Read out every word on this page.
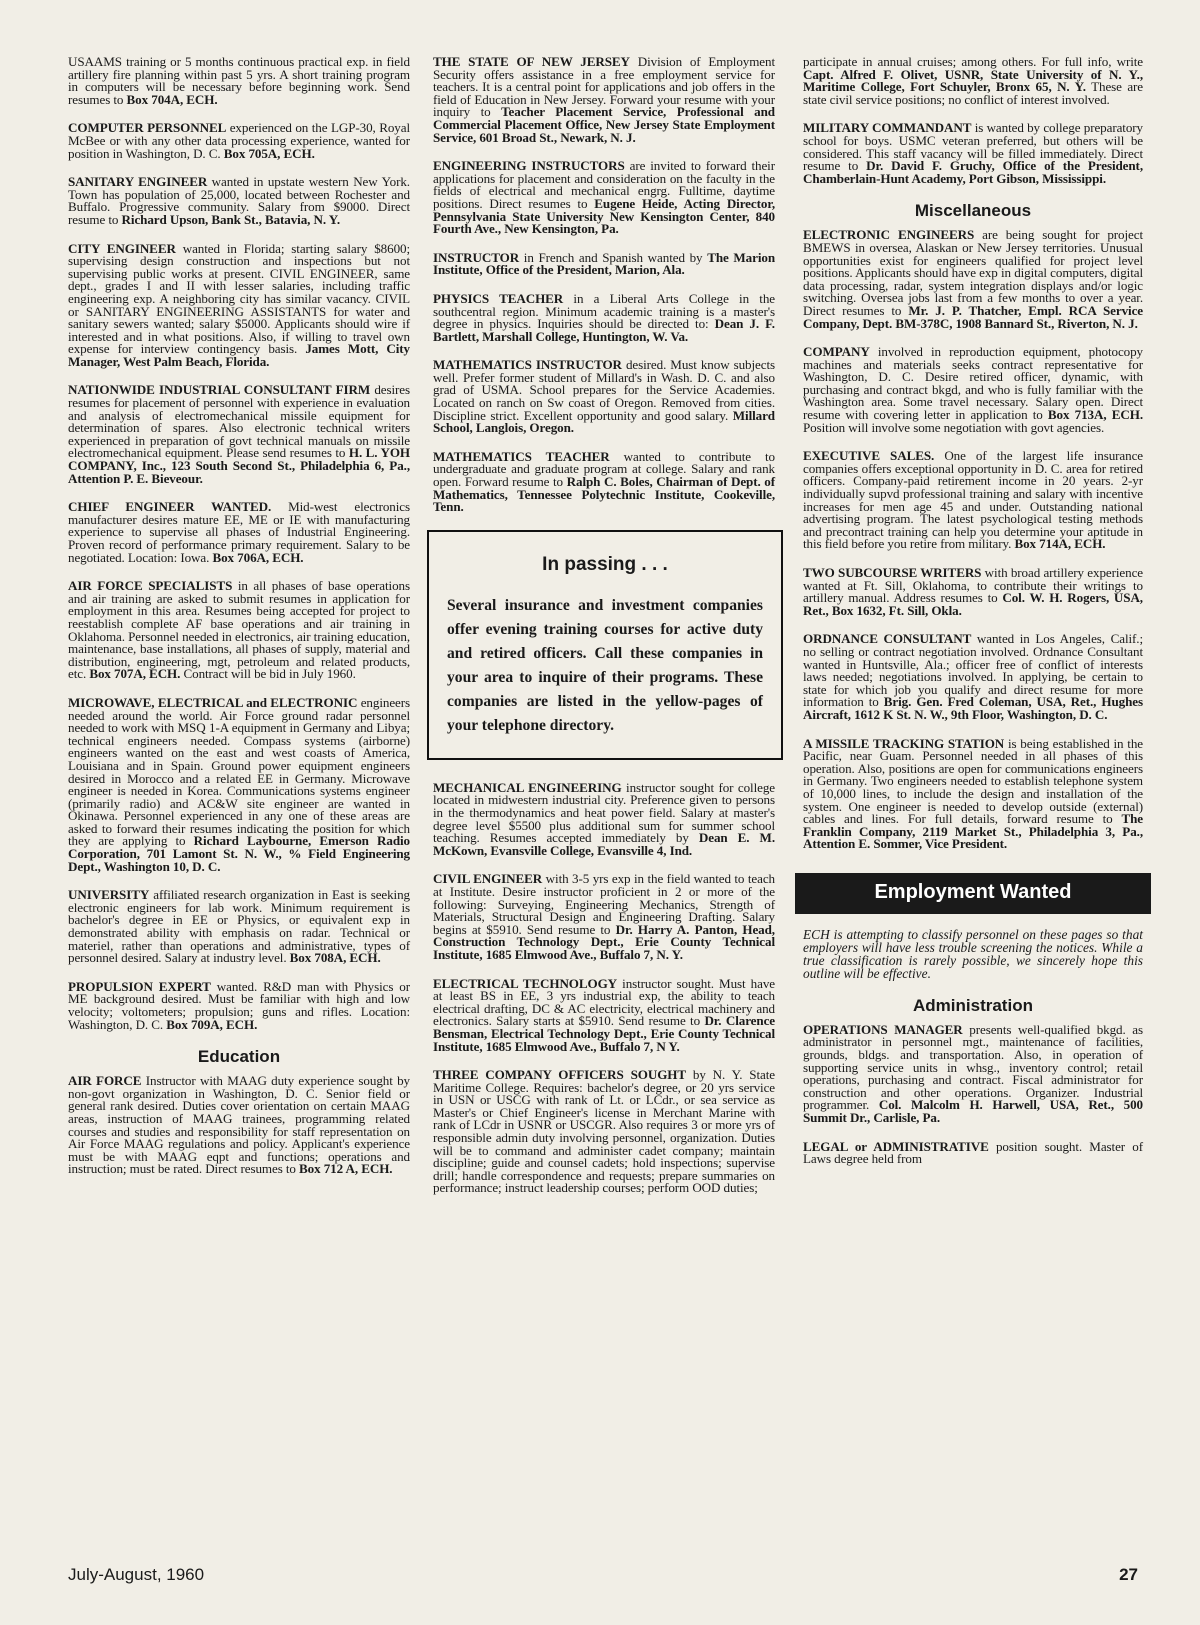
USAAMS training or 5 months continuous practical exp. in field artillery fire planning within past 5 yrs. A short training program in computers will be necessary before beginning work. Send resumes to Box 704A, ECH.

COMPUTER PERSONNEL experienced on the LGP-30, Royal McBee or with any other data processing experience, wanted for position in Washington, D. C. Box 705A, ECH.

SANITARY ENGINEER wanted in upstate western New York. Town has population of 25,000, located between Rochester and Buffalo. Progressive community. Salary from $9000. Direct resume to Richard Upson, Bank St., Batavia, N. Y.

CITY ENGINEER wanted in Florida; starting salary $8600; supervising design construction and inspections but not supervising public works at present. CIVIL ENGINEER, same dept., grades I and II with lesser salaries, including traffic engineering exp. A neighboring city has similar vacancy. CIVIL or SANITARY ENGINEERING ASSISTANTS for water and sanitary sewers wanted; salary $5000. Applicants should wire if interested and in what positions. Also, if willing to travel own expense for interview contingency basis. James Mott, City Manager, West Palm Beach, Florida.

NATIONWIDE INDUSTRIAL CONSULTANT FIRM desires resumes for placement of personnel with experience in evaluation and analysis of electromechanical missile equipment for determination of spares. Also electronic technical writers experienced in preparation of govt technical manuals on missile electromechanical equipment. Please send resumes to H. L. YOH COMPANY, Inc., 123 South Second St., Philadelphia 6, Pa., Attention P. E. Bieveour.

CHIEF ENGINEER WANTED. Mid-west electronics manufacturer desires mature EE, ME or IE with manufacturing experience to supervise all phases of Industrial Engineering. Proven record of performance primary requirement. Salary to be negotiated. Location: Iowa. Box 706A, ECH.

AIR FORCE SPECIALISTS in all phases of base operations and air training are asked to submit resumes in application for employment in this area. Resumes being accepted for project to reestablish complete AF base operations and air training in Oklahoma. Personnel needed in electronics, air training education, maintenance, base installations, all phases of supply, material and distribution, engineering, mgt, petroleum and related products, etc. Box 707A, ECH. Contract will be bid in July 1960.

MICROWAVE, ELECTRICAL and ELECTRONIC engineers needed around the world. Air Force ground radar personnel needed to work with MSQ 1-A equipment in Germany and Libya; technical engineers needed. Compass systems (airborne) engineers wanted on the east and west coasts of America, Louisiana and in Spain. Ground power equipment engineers desired in Morocco and a related EE in Germany. Microwave engineer is needed in Korea. Communications systems engineer (primarily radio) and AC&W site engineer are wanted in Okinawa. Personnel experienced in any one of these areas are asked to forward their resumes indicating the position for which they are applying to Richard Laybourne, Emerson Radio Corporation, 701 Lamont St. N. W., % Field Engineering Dept., Washington 10, D. C.

UNIVERSITY affiliated research organization in East is seeking electronic engineers for lab work. Minimum requirement is bachelor's degree in EE or Physics, or equivalent exp in demonstrated ability with emphasis on radar. Technical or materiel, rather than operations and administrative, types of personnel desired. Salary at industry level. Box 708A, ECH.

PROPULSION EXPERT wanted. R&D man with Physics or ME background desired. Must be familiar with high and low velocity; voltometers; propulsion; guns and rifles. Location: Washington, D. C. Box 709A, ECH.

Education

AIR FORCE Instructor with MAAG duty experience sought by non-govt organization in Washington, D. C. Senior field or general rank desired. Duties cover orientation on certain MAAG areas, instruction of MAAG trainees, programming related courses and studies and responsibility for staff representation on Air Force MAAG regulations and policy. Applicant's experience must be with MAAG eqpt and functions; operations and instruction; must be rated. Direct resumes to Box 712 A, ECH.

THE STATE OF NEW JERSEY Division of Employment Security offers assistance in a free employment service for teachers. It is a central point for applications and job offers in the field of Education in New Jersey. Forward your resume with your inquiry to Teacher Placement Service, Professional and Commercial Placement Office, New Jersey State Employment Service, 601 Broad St., Newark, N. J.

ENGINEERING INSTRUCTORS are invited to forward their applications for placement and consideration on the faculty in the fields of electrical and mechanical engrg. Fulltime, daytime positions. Direct resumes to Eugene Heide, Acting Director, Pennsylvania State University New Kensington Center, 840 Fourth Ave., New Kensington, Pa.

INSTRUCTOR in French and Spanish wanted by The Marion Institute, Office of the President, Marion, Ala.

PHYSICS TEACHER in a Liberal Arts College in the southcentral region. Minimum academic training is a master's degree in physics. Inquiries should be directed to: Dean J. F. Bartlett, Marshall College, Huntington, W. Va.

MATHEMATICS INSTRUCTOR desired. Must know subjects well. Prefer former student of Millard's in Wash. D. C. and also grad of USMA. School prepares for the Service Academies. Located on ranch on Sw coast of Oregon. Removed from cities. Discipline strict. Excellent opportunity and good salary. Millard School, Langlois, Oregon.

MATHEMATICS TEACHER wanted to contribute to undergraduate and graduate program at college. Salary and rank open. Forward resume to Ralph C. Boles, Chairman of Dept. of Mathematics, Tennessee Polytechnic Institute, Cookeville, Tenn.

In passing . . .
Several insurance and investment companies offer evening training courses for active duty and retired officers. Call these companies in your area to inquire of their programs. These companies are listed in the yellow-pages of your telephone directory.

MECHANICAL ENGINEERING instructor sought for college located in midwestern industrial city. Preference given to persons in the thermodynamics and heat power field. Salary at master's degree level $5500 plus additional sum for summer school teaching. Resumes accepted immediately by Dean E. M. McKown, Evansville College, Evansville 4, Ind.

CIVIL ENGINEER with 3-5 yrs exp in the field wanted to teach at Institute. Desire instructor proficient in 2 or more of the following: Surveying, Engineering Mechanics, Strength of Materials, Structural Design and Engineering Drafting. Salary begins at $5910. Send resume to Dr. Harry A. Panton, Head, Construction Technology Dept., Erie County Technical Institute, 1685 Elmwood Ave., Buffalo 7, N. Y.

ELECTRICAL TECHNOLOGY instructor sought. Must have at least BS in EE, 3 yrs industrial exp, the ability to teach electrical drafting, DC & AC electricity, electrical machinery and electronics. Salary starts at $5910. Send resume to Dr. Clarence Bensman, Electrical Technology Dept., Erie County Technical Institute, 1685 Elmwood Ave., Buffalo 7, N Y.

THREE COMPANY OFFICERS SOUGHT by N. Y. State Maritime College. Requires: bachelor's degree, or 20 yrs service in USN or USCG with rank of Lt. or LCdr., or sea service as Master's or Chief Engineer's license in Merchant Marine with rank of LCdr in USNR or USCGR. Also requires 3 or more yrs of responsible admin duty involving personnel, organization. Duties will be to command and administer cadet company; maintain discipline; guide and counsel cadets; hold inspections; supervise drill; handle correspondence and requests; prepare summaries on performance; instruct leadership courses; perform OOD duties;

participate in annual cruises; among others. For full info, write Capt. Alfred F. Olivet, USNR, State University of N. Y., Maritime College, Fort Schuyler, Bronx 65, N. Y. These are state civil service positions; no conflict of interest involved.

MILITARY COMMANDANT is wanted by college preparatory school for boys. USMC veteran preferred, but others will be considered. This staff vacancy will be filled immediately. Direct resume to Dr. David F. Gruchy, Office of the President, Chamberlain-Hunt Academy, Port Gibson, Mississippi.

Miscellaneous

ELECTRONIC ENGINEERS are being sought for project BMEWS in oversea, Alaskan or New Jersey territories. Unusual opportunities exist for engineers qualified for project level positions. Applicants should have exp in digital computers, digital data processing, radar, system integration displays and/or logic switching. Oversea jobs last from a few months to over a year. Direct resumes to Mr. J. P. Thatcher, Empl. RCA Service Company, Dept. BM-378C, 1908 Bannard St., Riverton, N. J.

COMPANY involved in reproduction equipment, photocopy machines and materials seeks contract representative for Washington, D. C. Desire retired officer, dynamic, with purchasing and contract bkgd, and who is fully familiar with the Washington area. Some travel necessary. Salary open. Direct resume with covering letter in application to Box 713A, ECH. Position will involve some negotiation with govt agencies.

EXECUTIVE SALES. One of the largest life insurance companies offers exceptional opportunity in D. C. area for retired officers. Company-paid retirement income in 20 years. 2-yr individually supvd professional training and salary with incentive increases for men age 45 and under. Outstanding national advertising program. The latest psychological testing methods and precontract training can help you determine your aptitude in this field before you retire from military. Box 714A, ECH.

TWO SUBCOURSE WRITERS with broad artillery experience wanted at Ft. Sill, Oklahoma, to contribute their writings to artillery manual. Address resumes to Col. W. H. Rogers, USA, Ret., Box 1632, Ft. Sill, Okla.

ORDNANCE CONSULTANT wanted in Los Angeles, Calif.; no selling or contract negotiation involved. Ordnance Consultant wanted in Huntsville, Ala.; officer free of conflict of interests laws needed; negotiations involved. In applying, be certain to state for which job you qualify and direct resume for more information to Brig. Gen. Fred Coleman, USA, Ret., Hughes Aircraft, 1612 K St. N. W., 9th Floor, Washington, D. C.

A MISSILE TRACKING STATION is being established in the Pacific, near Guam. Personnel needed in all phases of this operation. Also, positions are open for communications engineers in Germany. Two engineers needed to establish telephone system of 10,000 lines, to include the design and installation of the system. One engineer is needed to develop outside (external) cables and lines. For full details, forward resume to The Franklin Company, 2119 Market St., Philadelphia 3, Pa., Attention E. Sommer, Vice President.

Employment Wanted
ECH is attempting to classify personnel on these pages so that employers will have less trouble screening the notices. While a true classification is rarely possible, we sincerely hope this outline will be effective.
Administration

OPERATIONS MANAGER presents well-qualified bkgd. as administrator in personnel mgt., maintenance of facilities, grounds, bldgs. and transportation. Also, in operation of supporting service units in whsg., inventory control; retail operations, purchasing and contract. Fiscal administrator for construction and other operations. Organizer. Industrial programmer. Col. Malcolm H. Harwell, USA, Ret., 500 Summit Dr., Carlisle, Pa.

LEGAL or ADMINISTRATIVE position sought. Master of Laws degree held from

July-August, 1960	27
